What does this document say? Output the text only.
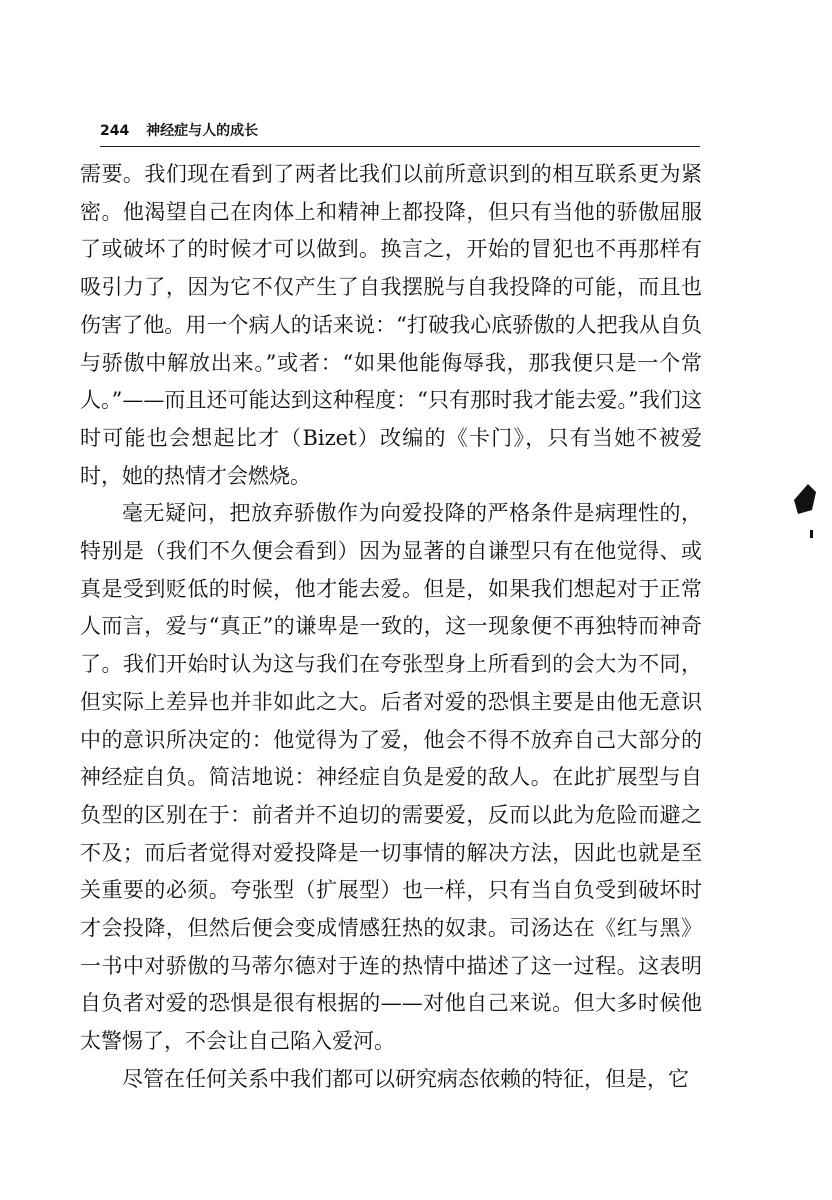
244 神经症与人的成长

需要。我们现在看到了两者比我们以前所意识到的相互联系更为紧密。他渴望自己在肉体上和精神上都投降，但只有当他的骄傲屈服了或破坏了的时候才可以做到。换言之，开始的冒犯也不再那样有吸引力了，因为它不仅产生了自我摆脱与自我投降的可能，而且也伤害了他。用一个病人的话来说：“打破我心底骄傲的人把我从自负与骄傲中解放出来。”或者：“如果他能侮辱我，那我便只是一个常人。”——而且还可能达到这种程度：“只有那时我才能去爱。”我们这时可能也会想起比才（Bizet）改编的《卡门》，只有当她不被爱时，她的热情才会燃烧。

毫无疑问，把放弃骄傲作为向爱投降的严格条件是病理性的，特别是（我们不久便会看到）因为显著的自谦型只有在他觉得、或真是受到贬低的时候，他才能去爱。但是，如果我们想起对于正常人而言，爱与“真正”的谦卑是一致的，这一现象便不再独特而神奇了。我们开始时认为这与我们在夸张型身上所看到的会大为不同，但实际上差异也并非如此之大。后者对爱的恐惧主要是由他无意识中的意识所决定的：他觉得为了爱，他会不得不放弃自己大部分的神经症自负。简洁地说：神经症自负是爱的敌人。在此扩展型与自负型的区别在于：前者并不迫切的需要爱，反而以此为危险而避之不及；而后者觉得对爱投降是一切事情的解决方法，因此也就是至关重要的必须。夸张型（扩展型）也一样，只有当自负受到破坏时才会投降，但然后便会变成情感狂热的奴隶。司汤达在《红与黑》一书中对骄傲的马蒂尔德对于连的热情中描述了这一过程。这表明自负者对爱的恐惧是很有根据的——对他自己来说。但大多时候他太警惕了，不会让自己陷入爱河。

尽管在任何关系中我们都可以研究病态依赖的特征，但是，它
